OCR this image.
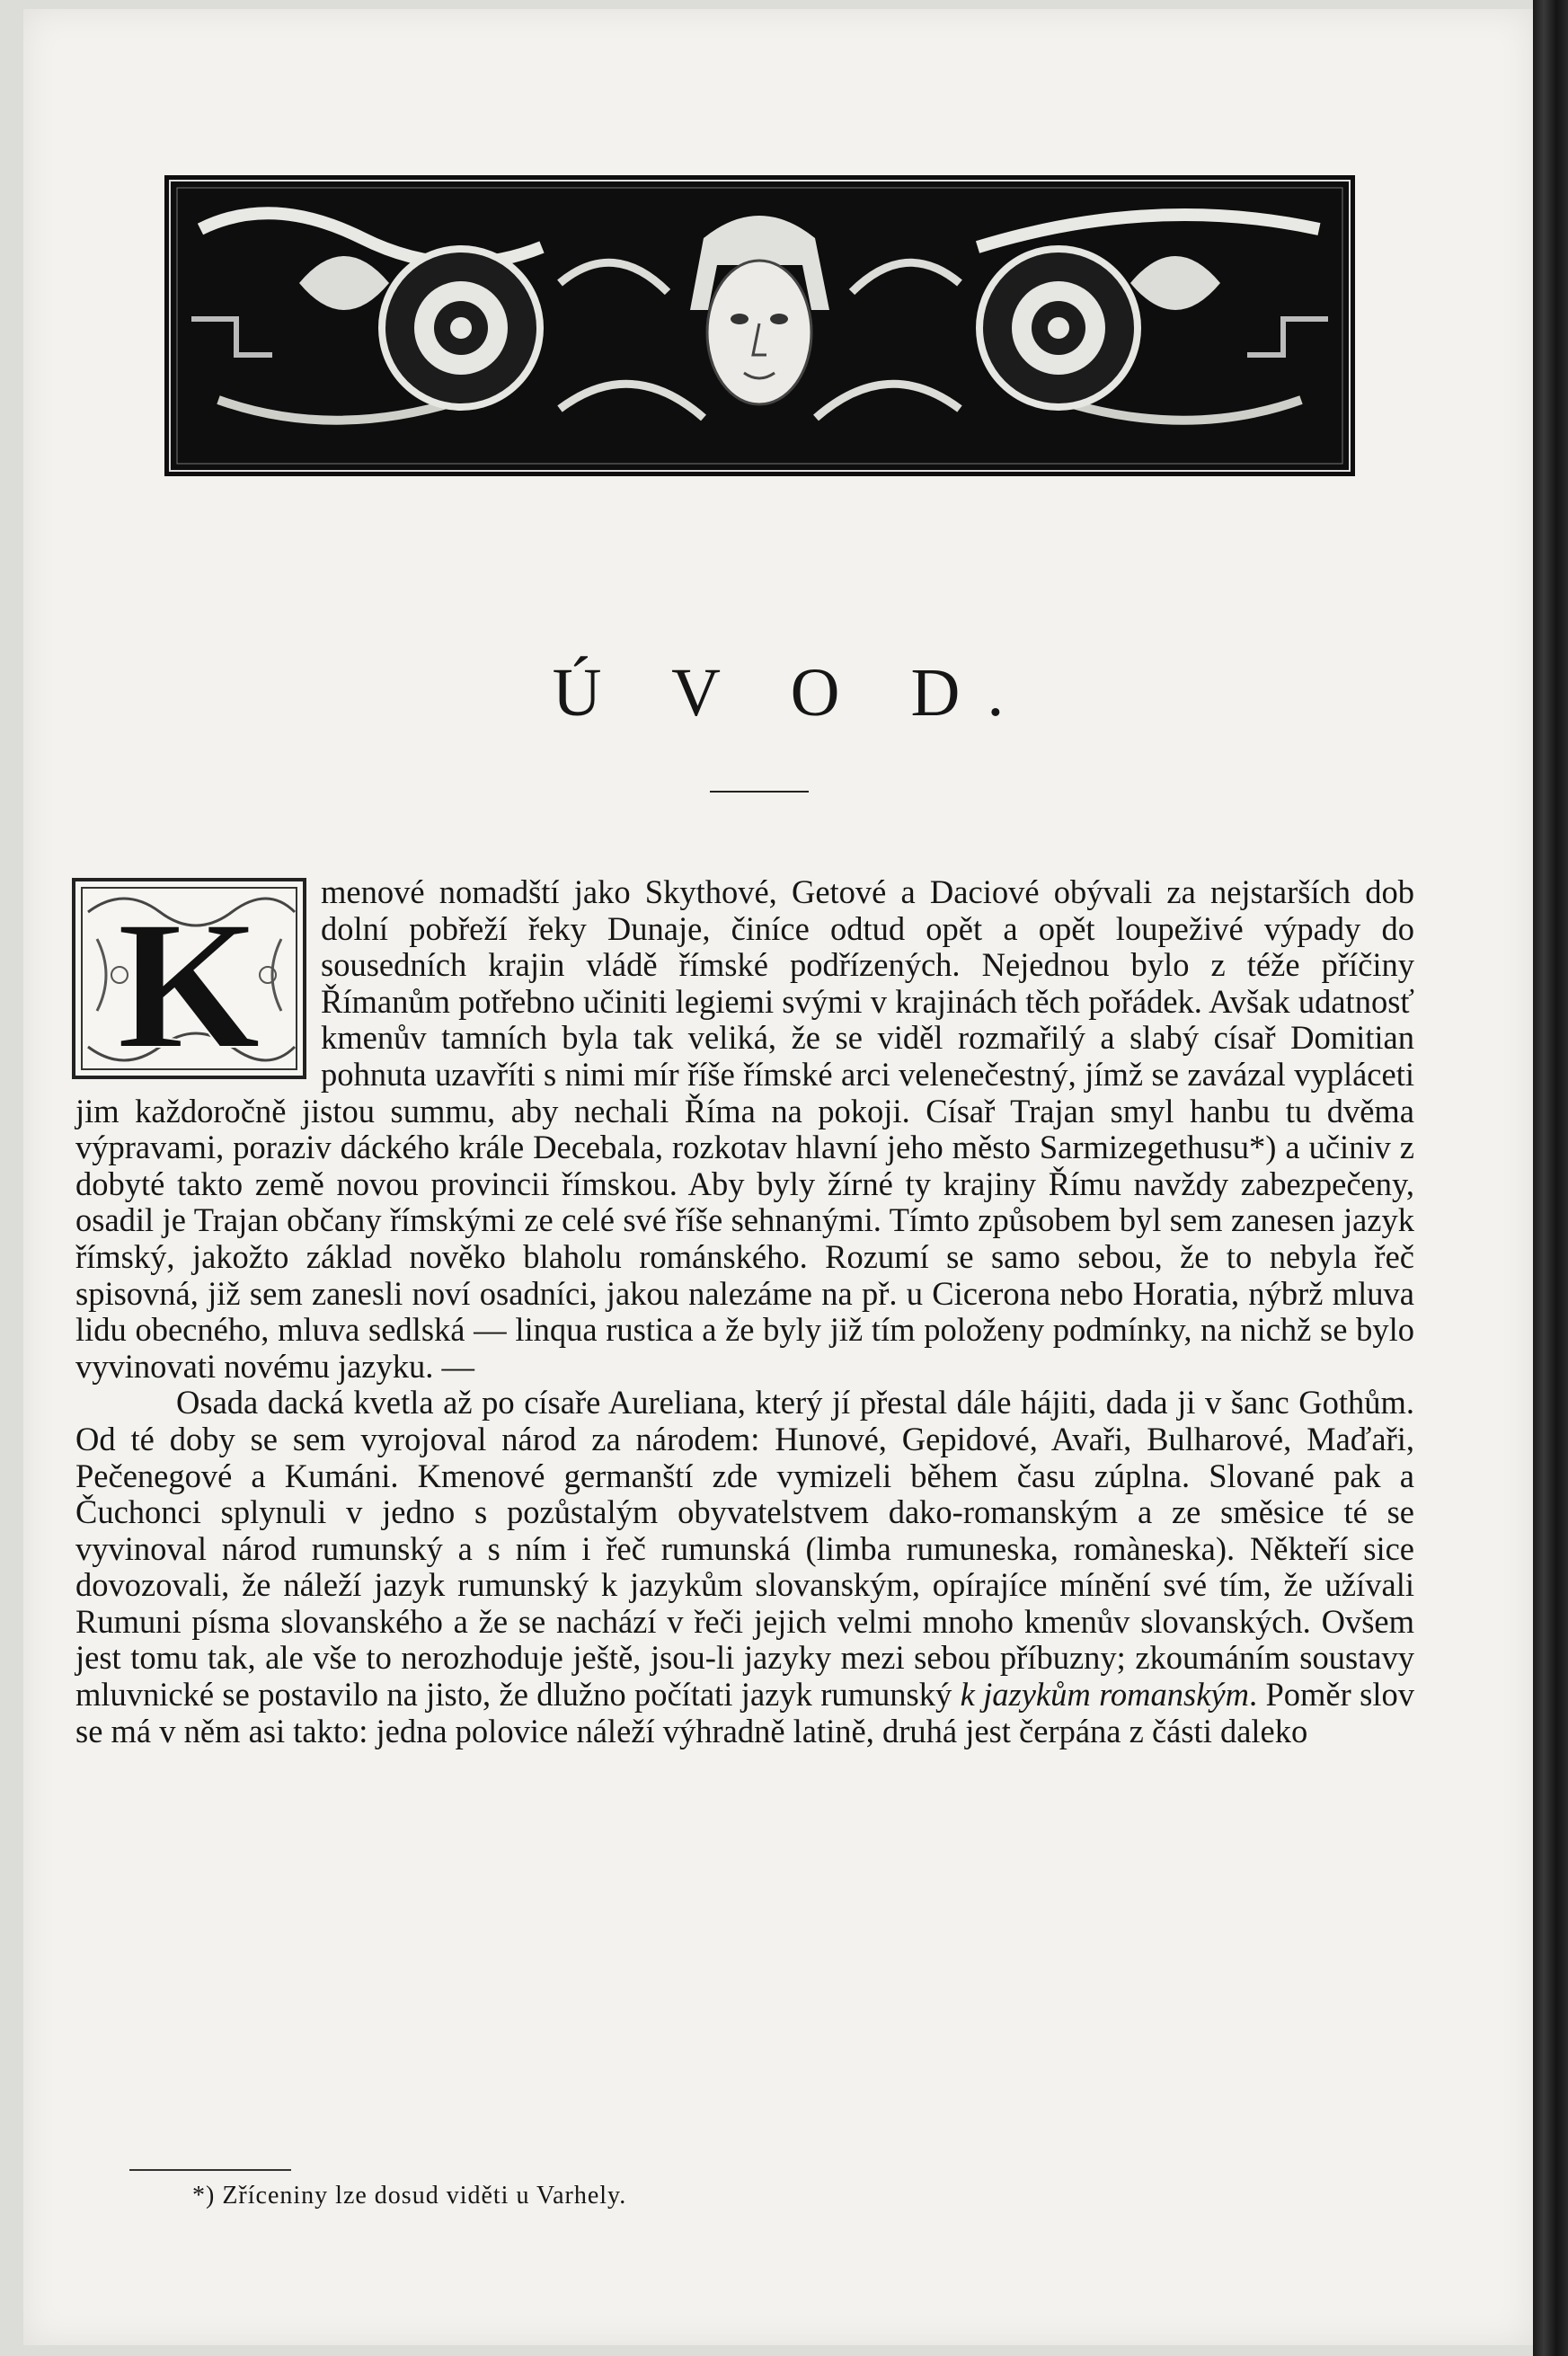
Ú V O D.

K menové nomadští jako Skythové, Getové a Daciové obývali za nejstarších dob dolní pobřeží řeky Dunaje, činíce odtud opět a opět loupeživé výpady do sousedních krajin vládě římské podřízených. Nejednou bylo z téže příčiny Římanům potřebno učiniti legiemi svými v krajinách těch pořádek. Avšak udatnosť kmenův tamních byla tak veliká, že se viděl rozmařilý a slabý císař Domitian pohnuta uzavříti s nimi mír říše římské arci velenečestný, jímž se zavázal vypláceti jim každoročně jistou summu, aby nechali Říma na pokoji. Císař Trajan smyl hanbu tu dvěma výpravami, poraziv dáckého krále Decebala, rozkotav hlavní jeho město Sarmizegethusu*) a učiniv z dobyté takto země novou provincii římskou. Aby byly žírné ty krajiny Římu navždy zabezpečeny, osadil je Trajan občany římskými ze celé své říše sehnanými. Tímto způsobem byl sem zanesen jazyk římský, jakožto základ nověko blaholu románského. Rozumí se samo sebou, že to nebyla řeč spisovná, již sem zanesli noví osadníci, jakou nalezáme na př. u Cicerona nebo Horatia, nýbrž mluva lidu obecného, mluva sedlská — linqua rustica a že byly již tím položeny podmínky, na nichž se bylo vyvinovati novému jazyku. —

Osada dacká kvetla až po císaře Aureliana, který jí přestal dále hájiti, dada ji v šanc Gothům. Od té doby se sem vyrojoval národ za národem: Hunové, Gepidové, Avaři, Bulharové, Maďaři, Pečenegové a Kumáni. Kmenové germanští zde vymizeli během času zúplna. Slované pak a Čuchonci splynuli v jedno s pozůstalým obyvatelstvem dako-romanským a ze směsice té se vyvinoval národ rumunský a s ním i řeč rumunská (limba rumuneska, romàneska). Někteří sice dovozovali, že náleží jazyk rumunský k jazykům slovanským, opírajíce mínění své tím, že užívali Rumuni písma slovanského a že se nachází v řeči jejich velmi mnoho kmenův slovanských. Ovšem jest tomu tak, ale vše to nerozhoduje ještě, jsou-li jazyky mezi sebou příbuzny; zkoumáním soustavy mluvnické se postavilo na jisto, že dlužno počítati jazyk rumunský k jazykům romanským. Poměr slov se má v něm asi takto: jedna polovice náleží výhradně latině, druhá jest čerpána z části daleko

*) Zříceniny lze dosud viděti u Varhely.
